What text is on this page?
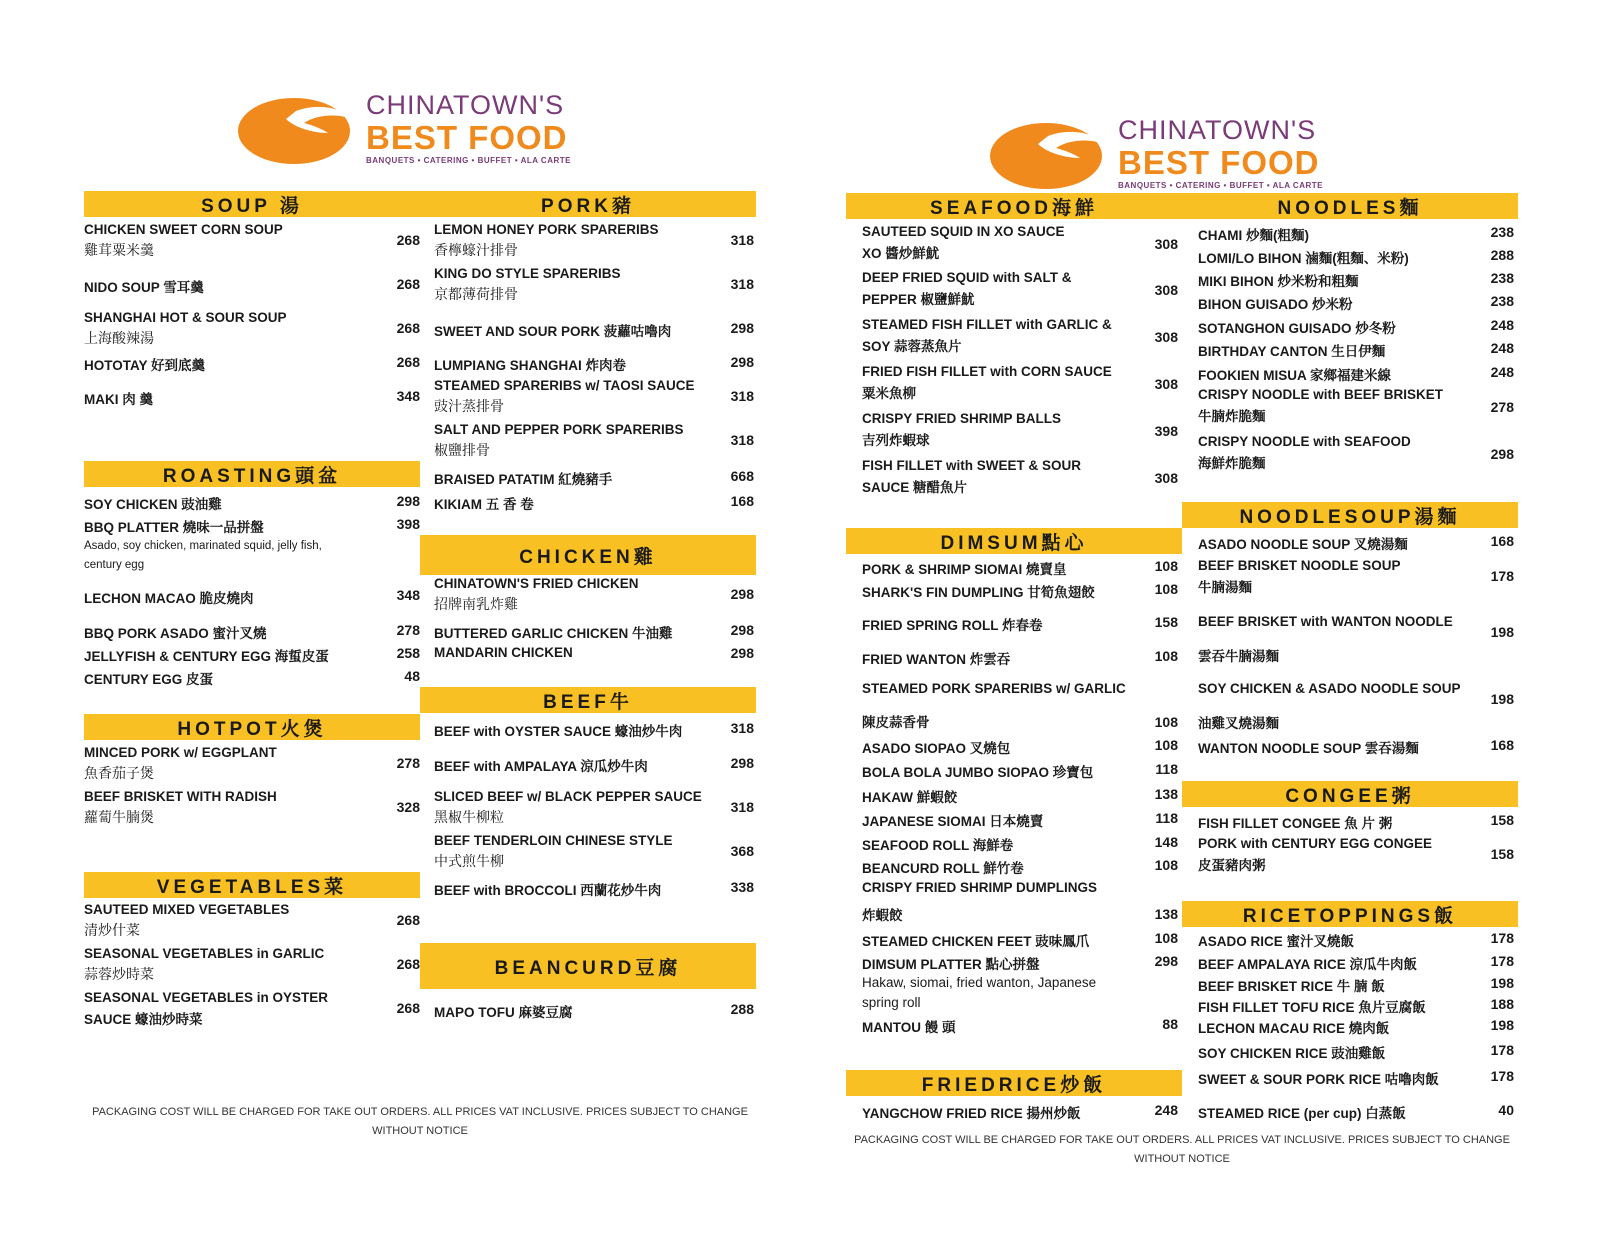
CHINATOWN'S
BEST FOOD
BANQUETS • CATERING • BUFFET • ALA CARTE
SOUP 湯
CHICKEN SWEET CORN SOUP
雞茸粟米羹
268
NIDO SOUP 雪耳羹	268
SHANGHAI HOT & SOUR SOUP
上海酸辣湯
268
HOTOTAY 好到底羹	268
MAKI 肉 羹	348
ROASTING頭盆
SOY CHICKEN 豉油雞	298
BBQ PLATTER 燒味一品拼盤	398
Asado, soy chicken, marinated squid, jelly fish, century egg
LECHON MACAO 脆皮燒肉	348
BBQ PORK ASADO 蜜汁叉燒	278
JELLYFISH & CENTURY EGG 海蜇皮蛋	258
CENTURY EGG 皮蛋	48
HOTPOT火煲
MINCED PORK w/ EGGPLANT
魚香茄子煲
278
BEEF BRISKET WITH RADISH
蘿蔔牛腩煲
328
VEGETABLES菜
SAUTEED MIXED VEGETABLES
清炒什菜
268
SEASONAL VEGETABLES in GARLIC
蒜蓉炒時菜
268
SEASONAL VEGETABLES in OYSTER
SAUCE 蠔油炒時菜
268
PORK豬
LEMON HONEY PORK SPARERIBS
香檸蠔汁排骨
318
KING DO STYLE SPARERIBS
京都薄荷排骨
318
SWEET AND SOUR PORK 菠蘿咕嚕肉	298
LUMPIANG SHANGHAI 炸肉卷	298
STEAMED SPARERIBS w/ TAOSI SAUCE
豉汁蒸排骨
318
SALT AND PEPPER PORK SPARERIBS
椒鹽排骨
318
BRAISED PATATIM 紅燒豬手	668
KIKIAM 五 香 卷	168
CHICKEN雞
CHINATOWN'S FRIED CHICKEN
招牌南乳炸雞
298
BUTTERED GARLIC CHICKEN 牛油雞	298
MANDARIN CHICKEN	298
BEEF牛
BEEF with OYSTER SAUCE 蠔油炒牛肉	318
BEEF with AMPALAYA 涼瓜炒牛肉	298
SLICED BEEF w/ BLACK PEPPER SAUCE
黑椒牛柳粒
318
BEEF TENDERLOIN CHINESE STYLE
中式煎牛柳
368
BEEF with BROCCOLI 西蘭花炒牛肉	338
BEANCURD豆腐
MAPO TOFU 麻婆豆腐	288
PACKAGING COST WILL BE CHARGED FOR TAKE OUT ORDERS. ALL PRICES VAT INCLUSIVE. PRICES SUBJECT TO CHANGE
WITHOUT NOTICE
CHINATOWN'S
BEST FOOD
BANQUETS • CATERING • BUFFET • ALA CARTE
SEAFOOD海鮮
SAUTEED SQUID IN XO SAUCE
XO 醬炒鮮魷
308
DEEP FRIED SQUID with SALT &
PEPPER 椒鹽鮮魷
308
STEAMED FISH FILLET with GARLIC &
SOY 蒜蓉蒸魚片
308
FRIED FISH FILLET with CORN SAUCE
粟米魚柳
308
CRISPY FRIED SHRIMP BALLS
吉列炸蝦球
398
FISH FILLET with SWEET & SOUR
SAUCE 糖醋魚片
308
DIMSUM點心
PORK & SHRIMP SIOMAI 燒賣皇	108
SHARK'S FIN DUMPLING 甘筍魚翅餃	108
FRIED SPRING ROLL 炸春卷	158
FRIED WANTON 炸雲吞	108
STEAMED PORK SPARERIBS w/ GARLIC
陳皮蒜香骨	108
ASADO SIOPAO 叉燒包	108
BOLA BOLA JUMBO SIOPAO 珍寶包	118
HAKAW 鮮蝦餃	138
JAPANESE SIOMAI 日本燒賣	118
SEAFOOD ROLL 海鮮卷	148
BEANCURD ROLL 鮮竹卷	108
CRISPY FRIED SHRIMP DUMPLINGS
炸蝦餃	138
STEAMED CHICKEN FEET 豉味鳳爪	108
DIMSUM PLATTER 點心拼盤	298
Hakaw, siomai, fried wanton, Japanese
spring roll
MANTOU 饅 頭	88
FRIEDRICE炒飯
YANGCHOW FRIED RICE 揚州炒飯	248
NOODLES麵
CHAMI 炒麵(粗麵)	238
LOMI/LO BIHON 滷麵(粗麵、米粉)	288
MIKI BIHON 炒米粉和粗麵	238
BIHON GUISADO 炒米粉	238
SOTANGHON GUISADO 炒冬粉	248
BIRTHDAY CANTON 生日伊麵	248
FOOKIEN MISUA 家鄉福建米線	248
CRISPY NOODLE with BEEF BRISKET
牛腩炸脆麵
278
CRISPY NOODLE with SEAFOOD
海鮮炸脆麵
298
NOODLESOUP湯麵
ASADO NOODLE SOUP 叉燒湯麵	168
BEEF BRISKET NOODLE SOUP
牛腩湯麵
178
BEEF BRISKET with WANTON NOODLE
雲吞牛腩湯麵
198
SOY CHICKEN & ASADO NOODLE SOUP
油雞叉燒湯麵
198
WANTON NOODLE SOUP 雲吞湯麵	168
CONGEE粥
FISH FILLET CONGEE 魚 片 粥	158
PORK with CENTURY EGG CONGEE
皮蛋豬肉粥
158
RICETOPPINGS飯
ASADO RICE 蜜汁叉燒飯	178
BEEF AMPALAYA RICE 涼瓜牛肉飯	178
BEEF BRISKET RICE 牛 腩 飯	198
FISH FILLET TOFU RICE 魚片豆腐飯	188
LECHON MACAU RICE 燒肉飯	198
SOY CHICKEN RICE 豉油雞飯	178
SWEET & SOUR PORK RICE 咕嚕肉飯	178
STEAMED RICE (per cup) 白蒸飯	40
PACKAGING COST WILL BE CHARGED FOR TAKE OUT ORDERS. ALL PRICES VAT INCLUSIVE. PRICES SUBJECT TO CHANGE
WITHOUT NOTICE
